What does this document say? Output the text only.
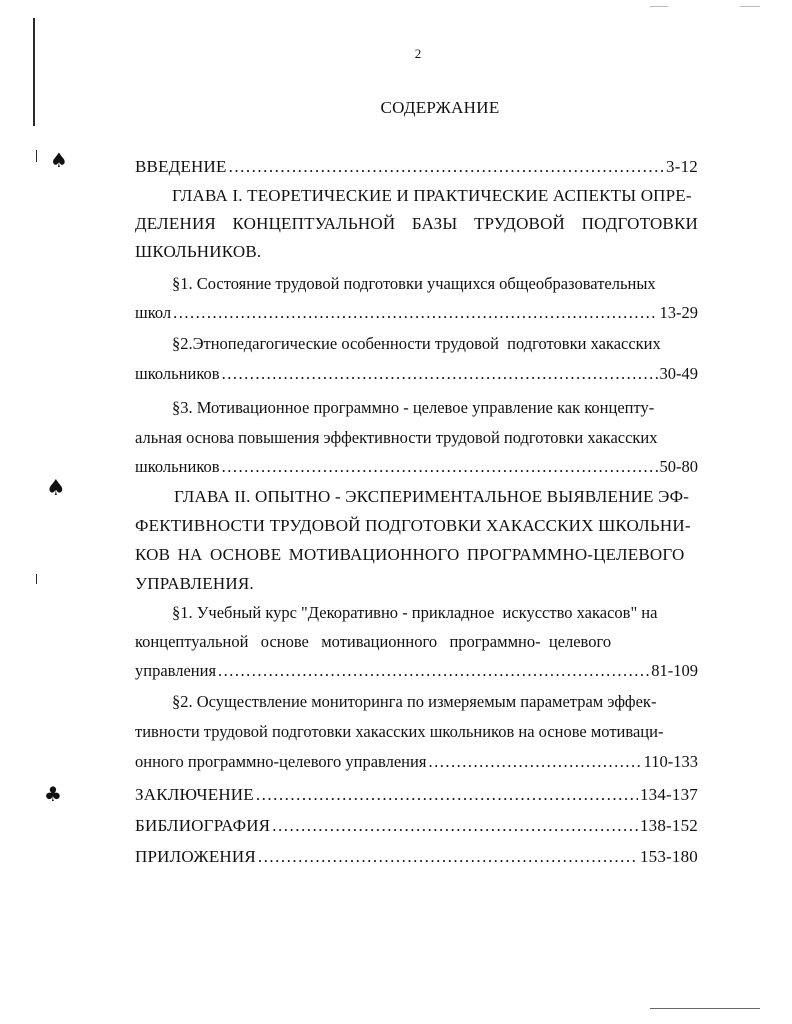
♠
♠
♣
2
СОДЕРЖАНИЕ
ВВЕДЕНИЕ .....	3-12
ГЛАВА I. ТЕОРЕТИЧЕСКИЕ И ПРАКТИЧЕСКИЕ АСПЕКТЫ ОПРЕ-
ДЕЛЕНИЯ КОНЦЕПТУАЛЬНОЙ БАЗЫ ТРУДОВОЙ ПОДГОТОВКИ
ШКОЛЬНИКОВ.
§1. Состояние трудовой подготовки учащихся общеобразовательных
школ .....	13-29
§2.Этнопедагогические особенности трудовой  подготовки хакасских
школьников .....	30-49
§3. Мотивационное программно - целевое управление как концепту-
альная основа повышения эффективности трудовой подготовки хакасских
школьников .....	50-80
ГЛАВА II. ОПЫТНО - ЭКСПЕРИМЕНТАЛЬНОЕ ВЫЯВЛЕНИЕ ЭФ-
ФЕКТИВНОСТИ ТРУДОВОЙ ПОДГОТОВКИ ХАКАССКИХ ШКОЛЬНИ-
КОВ НА ОСНОВЕ МОТИВАЦИОННОГО ПРОГРАММНО-ЦЕЛЕВОГО
УПРАВЛЕНИЯ.
§1. Учебный курс "Декоративно - прикладное  искусство хакасов" на
концептуальной   основе   мотивационного   программно-  целевого
управления .....	81-109
§2. Осуществление мониторинга по измеряемым параметрам эффек-
тивности трудовой подготовки хакасских школьников на основе мотиваци-
онного программно-целевого управления .....	110-133
ЗАКЛЮЧЕНИЕ .....	134-137
БИБЛИОГРАФИЯ .....	138-152
ПРИЛОЖЕНИЯ .....	153-180
